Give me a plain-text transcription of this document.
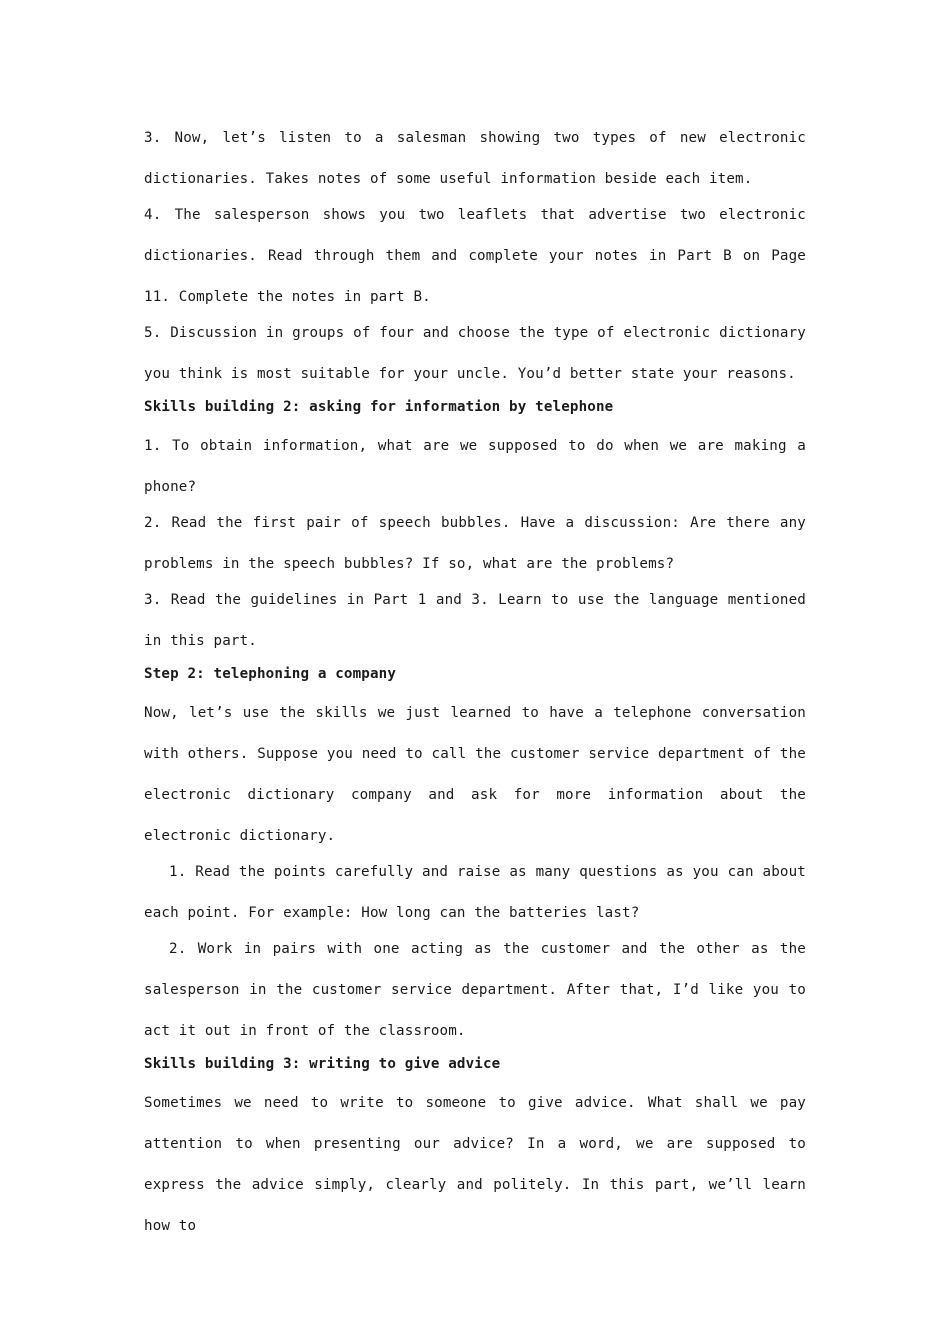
3. Now, let’s listen to a salesman showing two types of new electronic dictionaries. Takes notes of some useful information beside each item.

4. The salesperson shows you two leaflets that advertise two electronic dictionaries. Read through them and complete your notes in Part B on Page 11. Complete the notes in part B.

5. Discussion in groups of four and choose the type of electronic dictionary you think is most suitable for your uncle. You’d better state your reasons.

Skills building 2: asking for information by telephone

1. To obtain information, what are we supposed to do when we are making a phone?

2. Read the first pair of speech bubbles. Have a discussion: Are there any problems in the speech bubbles? If so, what are the problems?

3. Read the guidelines in Part 1 and 3. Learn to use the language mentioned in this part.

Step 2: telephoning a company

Now, let’s use the skills we just learned to have a telephone conversation with others. Suppose you need to call the customer service department of the electronic dictionary company and ask for more information about the electronic dictionary.

1. Read the points carefully and raise as many questions as you can about each point. For example: How long can the batteries last?

2. Work in pairs with one acting as the customer and the other as the salesperson in the customer service department. After that, I’d like you to act it out in front of the classroom.

Skills building 3: writing to give advice

Sometimes we need to write to someone to give advice. What shall we pay attention to when presenting our advice? In a word, we are supposed to express the advice simply, clearly and politely. In this part, we’ll learn how to
